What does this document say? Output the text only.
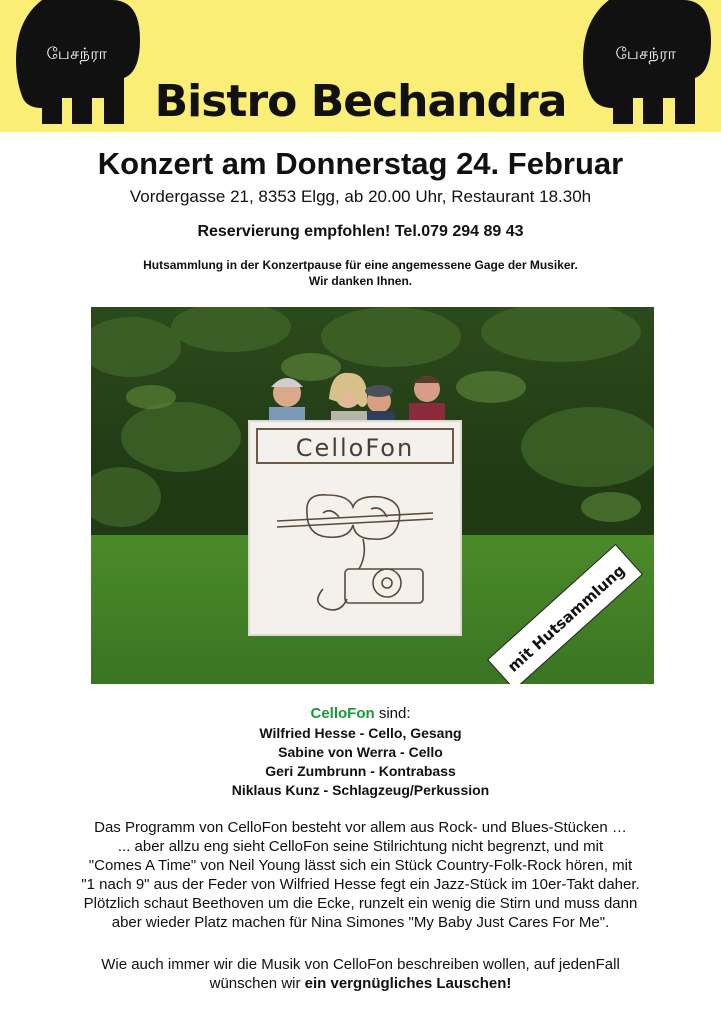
பேசந்ரா	பேசந்ரா
Bistro Bechandra
Konzert am Donnerstag 24. Februar
Vordergasse 21, 8353 Elgg, ab 20.00 Uhr, Restaurant 18.30h
Reservierung empfohlen! Tel.079 294 89 43
Hutsammlung in der Konzertpause für eine angemessene Gage der Musiker.
Wir danken Ihnen.
CelloFon
mit Hutsammlung
CelloFon sind:
Wilfried Hesse - Cello, Gesang
Sabine von Werra - Cello
Geri Zumbrunn - Kontrabass
Niklaus Kunz - Schlagzeug/Perkussion

Das Programm von CelloFon besteht vor allem aus Rock- und Blues-Stücken …

... aber allzu eng sieht CelloFon seine Stilrichtung nicht begrenzt, und mit

"Comes A Time" von Neil Young lässt sich ein Stück Country-Folk-Rock hören, mit

"1 nach 9" aus der Feder von Wilfried Hesse fegt ein Jazz-Stück im 10er-Takt daher.

Plötzlich schaut Beethoven um die Ecke, runzelt ein wenig die Stirn und muss dann

aber wieder Platz machen für Nina Simones "My Baby Just Cares For Me".

Wie auch immer wir die Musik von CelloFon beschreiben wollen, auf jedenFall

wünschen wir ein vergnügliches Lauschen!
